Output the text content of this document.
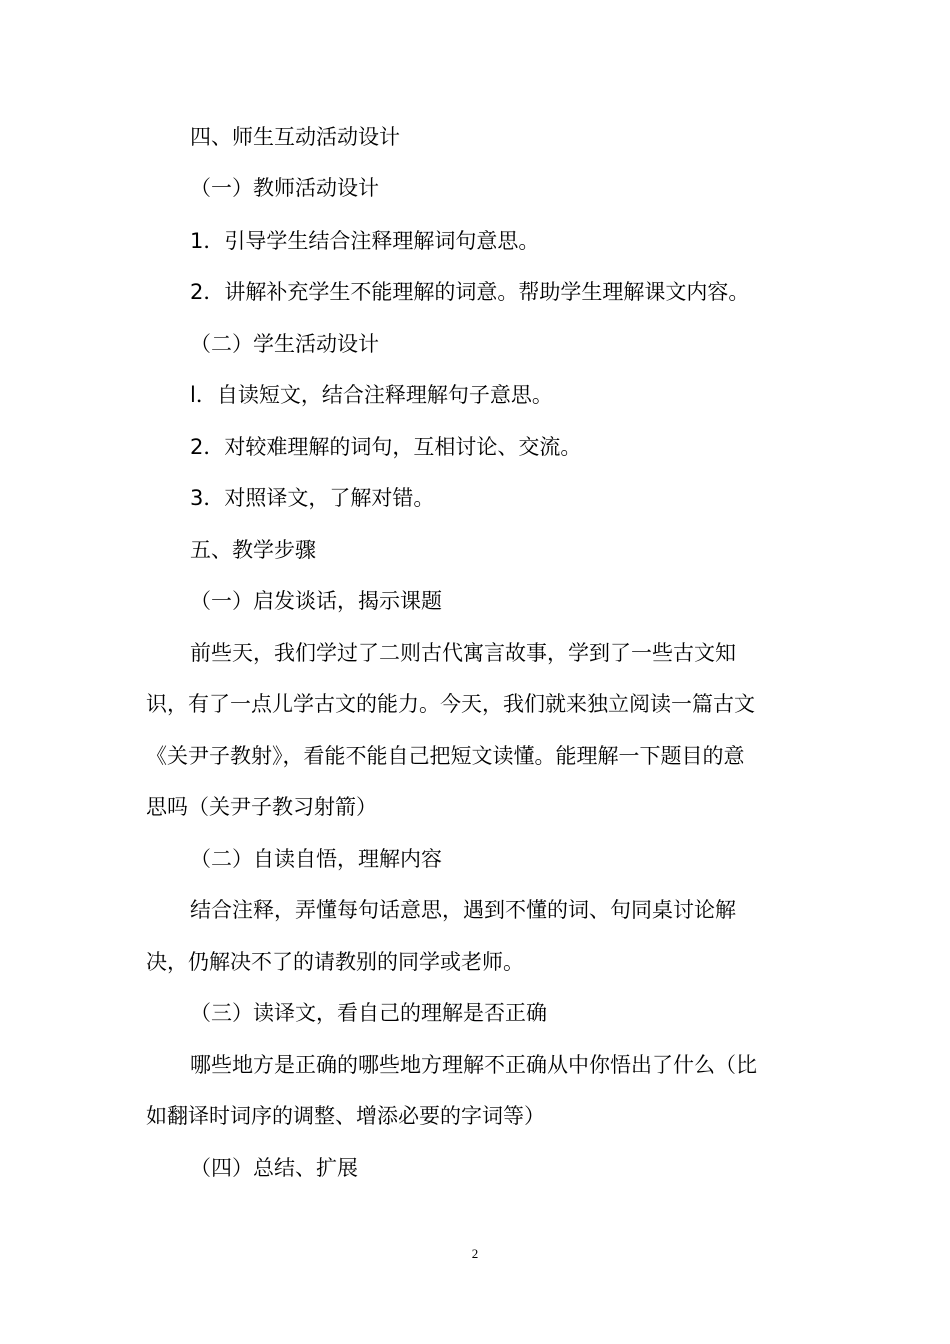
四、师生互动活动设计
（一）教师活动设计
1．引导学生结合注释理解词句意思。
2．讲解补充学生不能理解的词意。帮助学生理解课文内容。
（二）学生活动设计
l．自读短文，结合注释理解句子意思。
2．对较难理解的词句，互相讨论、交流。
3．对照译文，了解对错。
五、教学步骤
（一）启发谈话，揭示课题
前些天，我们学过了二则古代寓言故事，学到了一些古文知
识，有了一点儿学古文的能力。今天，我们就来独立阅读一篇古文
《关尹子教射》，看能不能自己把短文读懂。能理解一下题目的意
思吗（关尹子教习射箭）
（二）自读自悟，理解内容
结合注释，弄懂每句话意思，遇到不懂的词、句同桌讨论解
决，仍解决不了的请教别的同学或老师。
（三）读译文，看自己的理解是否正确
哪些地方是正确的哪些地方理解不正确从中你悟出了什么（比
如翻译时词序的调整、增添必要的字词等）
（四）总结、扩展
2
